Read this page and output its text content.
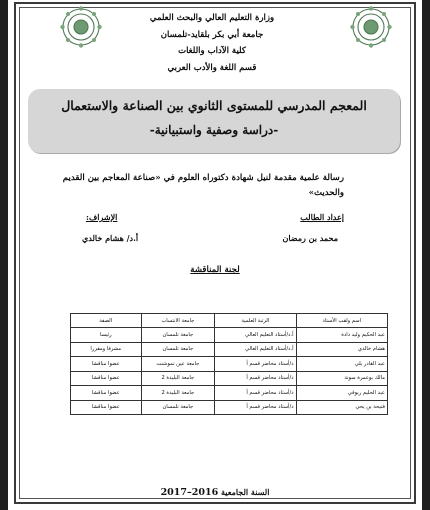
وزارة التعليم العالي والبحث العلمي
جامعة أبي بكر بلقايد-تلمسان
كلية الآداب واللغات
قسم اللغة والأدب العربي
المعجم المدرسي للمستوى الثانوي بين الصناعة والاستعمال
-دراسة وصفية واستبيانية-
رسالة علمية مقدمة لنيل شهادة دكتوراه العلوم في «صناعة المعاجم بين القديم والحديث»
إعداد الطالب
الإشراف:
محمد بن رمضان
أ.د/ هشام خالدي
لجنة المناقشة
اسم ولقب الأستاذ	الرتبة العلمية	جامعة الانتساب	الصفة
عبد الحكيم وليد دادة	أ.د/أستاذ التعليم العالي	جامعة تلمسان	رئيسا
هشام خالدي	أ.د/أستاذ التعليم العالي	جامعة تلمسان	مشرفا ومقررا
عبد القادر بلي	د/أستاذ محاضر قسم أ	جامعة عين تموشنت	عضوا مناقشا
مالك بوعمرة سونة	د/أستاذ محاضر قسم أ	جامعة البليدة 2	عضوا مناقشا
عبد الحليم ريوقي	د/أستاذ محاضر قسم أ	جامعة البليدة 2	عضوا مناقشا
فتيحة بن يحي	د/أستاذ محاضر قسم أ	جامعة تلمسان	عضوا مناقشا
السنة الجامعية 2016–2017
